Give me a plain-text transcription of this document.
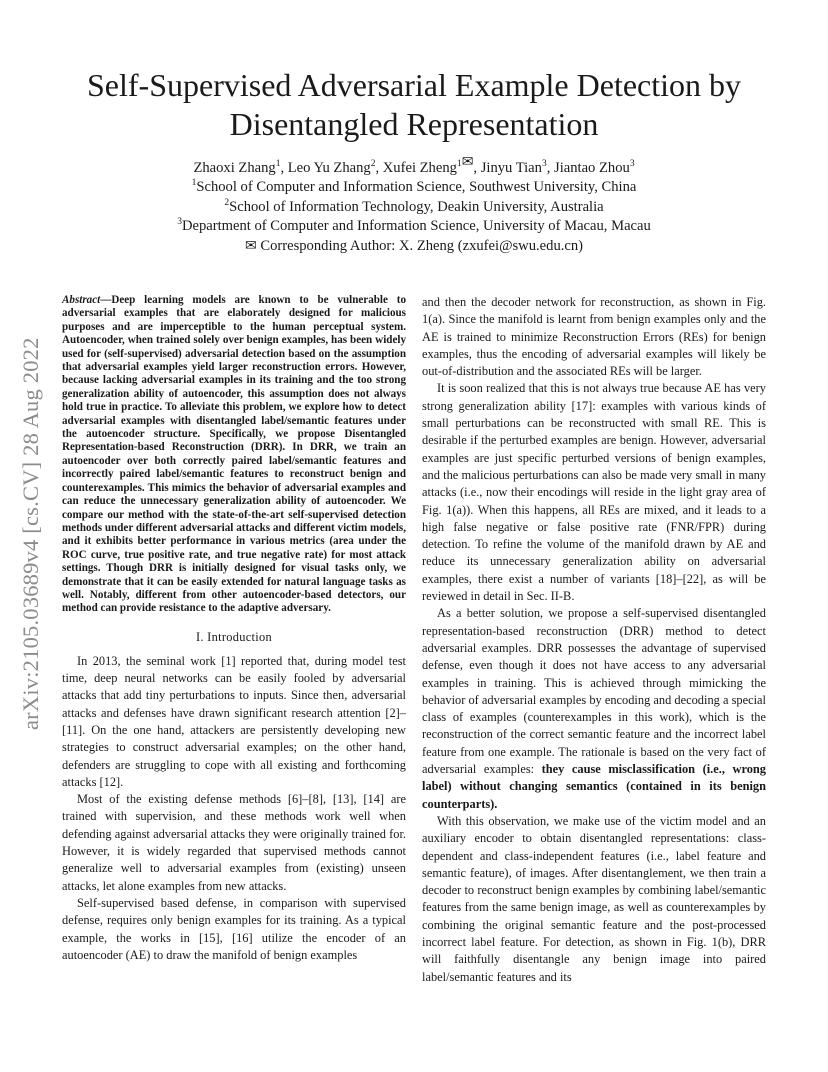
arXiv:2105.03689v4 [cs.CV] 28 Aug 2022
Self-Supervised Adversarial Example Detection by
Disentangled Representation
Zhaoxi Zhang$^1$, Leo Yu Zhang$^2$, Xufei Zheng$^{1✉}$, Jinyu Tian$^3$, Jiantao Zhou$^3$
$^1$School of Computer and Information Science, Southwest University, China
$^2$School of Information Technology, Deakin University, Australia
$^3$Department of Computer and Information Science, University of Macau, Macau
✉ Corresponding Author: X. Zheng (zxufei@swu.edu.cn)

Abstract—Deep learning models are known to be vulnerable to adversarial examples that are elaborately designed for malicious purposes and are imperceptible to the human perceptual system. Autoencoder, when trained solely over benign examples, has been widely used for (self-supervised) adversarial detection based on the assumption that adversarial examples yield larger reconstruction errors. However, because lacking adversarial examples in its training and the too strong generalization ability of autoencoder, this assumption does not always hold true in practice. To alleviate this problem, we explore how to detect adversarial examples with disentangled label/semantic features under the autoencoder structure. Specifically, we propose Disentangled Representation-based Reconstruction (DRR). In DRR, we train an autoencoder over both correctly paired label/semantic features and incorrectly paired label/semantic features to reconstruct benign and counterexamples. This mimics the behavior of adversarial examples and can reduce the unnecessary generalization ability of autoencoder. We compare our method with the state-of-the-art self-supervised detection methods under different adversarial attacks and different victim models, and it exhibits better performance in various metrics (area under the ROC curve, true positive rate, and true negative rate) for most attack settings. Though DRR is initially designed for visual tasks only, we demonstrate that it can be easily extended for natural language tasks as well. Notably, different from other autoencoder-based detectors, our method can provide resistance to the adaptive adversary.

I. Introduction

In 2013, the seminal work [1] reported that, during model test time, deep neural networks can be easily fooled by adversarial attacks that add tiny perturbations to inputs. Since then, adversarial attacks and defenses have drawn significant research attention [2]–[11]. On the one hand, attackers are persistently developing new strategies to construct adversarial examples; on the other hand, defenders are struggling to cope with all existing and forthcoming attacks [12].

Most of the existing defense methods [6]–[8], [13], [14] are trained with supervision, and these methods work well when defending against adversarial attacks they were originally trained for. However, it is widely regarded that supervised methods cannot generalize well to adversarial examples from (existing) unseen attacks, let alone examples from new attacks.

Self-supervised based defense, in comparison with supervised defense, requires only benign examples for its training. As a typical example, the works in [15], [16] utilize the encoder of an autoencoder (AE) to draw the manifold of benign examples

and then the decoder network for reconstruction, as shown in Fig. 1(a). Since the manifold is learnt from benign examples only and the AE is trained to minimize Reconstruction Errors (REs) for benign examples, thus the encoding of adversarial examples will likely be out-of-distribution and the associated REs will be larger.

It is soon realized that this is not always true because AE has very strong generalization ability [17]: examples with various kinds of small perturbations can be reconstructed with small RE. This is desirable if the perturbed examples are benign. However, adversarial examples are just specific perturbed versions of benign examples, and the malicious perturbations can also be made very small in many attacks (i.e., now their encodings will reside in the light gray area of Fig. 1(a)). When this happens, all REs are mixed, and it leads to a high false negative or false positive rate (FNR/FPR) during detection. To refine the volume of the manifold drawn by AE and reduce its unnecessary generalization ability on adversarial examples, there exist a number of variants [18]–[22], as will be reviewed in detail in Sec. II-B.

As a better solution, we propose a self-supervised disentangled representation-based reconstruction (DRR) method to detect adversarial examples. DRR possesses the advantage of supervised defense, even though it does not have access to any adversarial examples in training. This is achieved through mimicking the behavior of adversarial examples by encoding and decoding a special class of examples (counterexamples in this work), which is the reconstruction of the correct semantic feature and the incorrect label feature from one example. The rationale is based on the very fact of adversarial examples: they cause misclassification (i.e., wrong label) without changing semantics (contained in its benign counterparts).

With this observation, we make use of the victim model and an auxiliary encoder to obtain disentangled representations: class-dependent and class-independent features (i.e., label feature and semantic feature), of images. After disentanglement, we then train a decoder to reconstruct benign examples by combining label/semantic features from the same benign image, as well as counterexamples by combining the original semantic feature and the post-processed incorrect label feature. For detection, as shown in Fig. 1(b), DRR will faithfully disentangle any benign image into paired label/semantic features and its
